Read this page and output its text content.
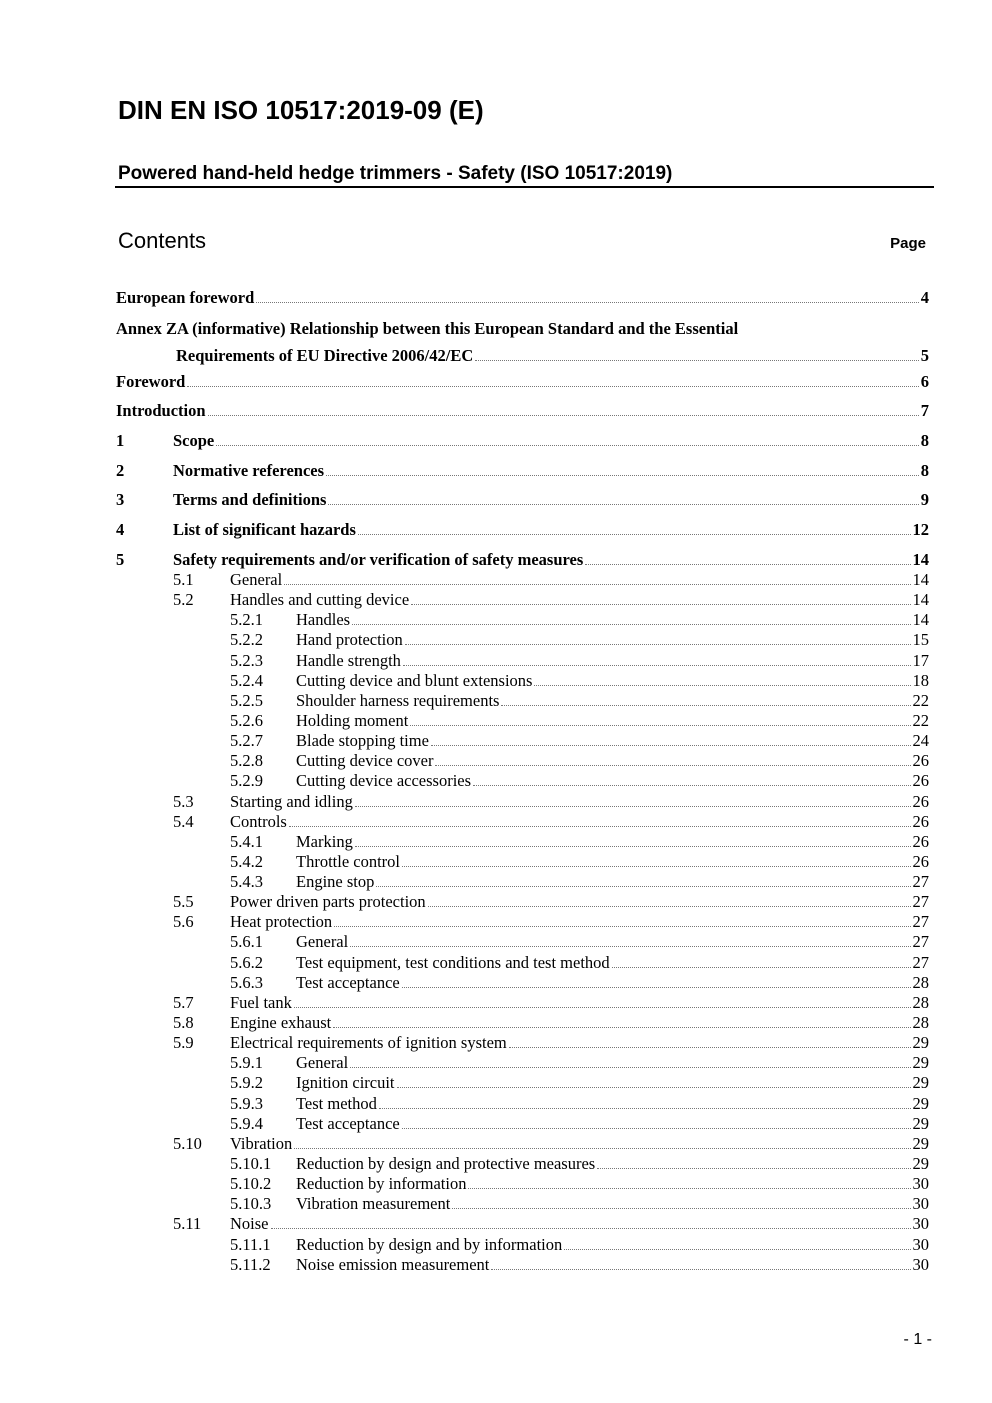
DIN EN ISO 10517:2019-09 (E)
Powered hand-held hedge trimmers - Safety (ISO 10517:2019)
Contents	Page
European foreword	4
Annex ZA (informative) Relationship between this European Standard and the Essential
Requirements of EU Directive 2006/42/EC	5
Foreword	6
Introduction	7
1	Scope	8
2	Normative references	8
3	Terms and definitions	9
4	List of significant hazards	12
5	Safety requirements and/or verification of safety measures	14
5.1	General	14
5.2	Handles and cutting device	14
5.2.1	Handles	14
5.2.2	Hand protection	15
5.2.3	Handle strength	17
5.2.4	Cutting device and blunt extensions	18
5.2.5	Shoulder harness requirements	22
5.2.6	Holding moment	22
5.2.7	Blade stopping time	24
5.2.8	Cutting device cover	26
5.2.9	Cutting device accessories	26
5.3	Starting and idling	26
5.4	Controls	26
5.4.1	Marking	26
5.4.2	Throttle control	26
5.4.3	Engine stop	27
5.5	Power driven parts protection	27
5.6	Heat protection	27
5.6.1	General	27
5.6.2	Test equipment, test conditions and test method	27
5.6.3	Test acceptance	28
5.7	Fuel tank	28
5.8	Engine exhaust	28
5.9	Electrical requirements of ignition system	29
5.9.1	General	29
5.9.2	Ignition circuit	29
5.9.3	Test method	29
5.9.4	Test acceptance	29
5.10	Vibration	29
5.10.1	Reduction by design and protective measures	29
5.10.2	Reduction by information	30
5.10.3	Vibration measurement	30
5.11	Noise	30
5.11.1	Reduction by design and by information	30
5.11.2	Noise emission measurement	30
- 1 -
